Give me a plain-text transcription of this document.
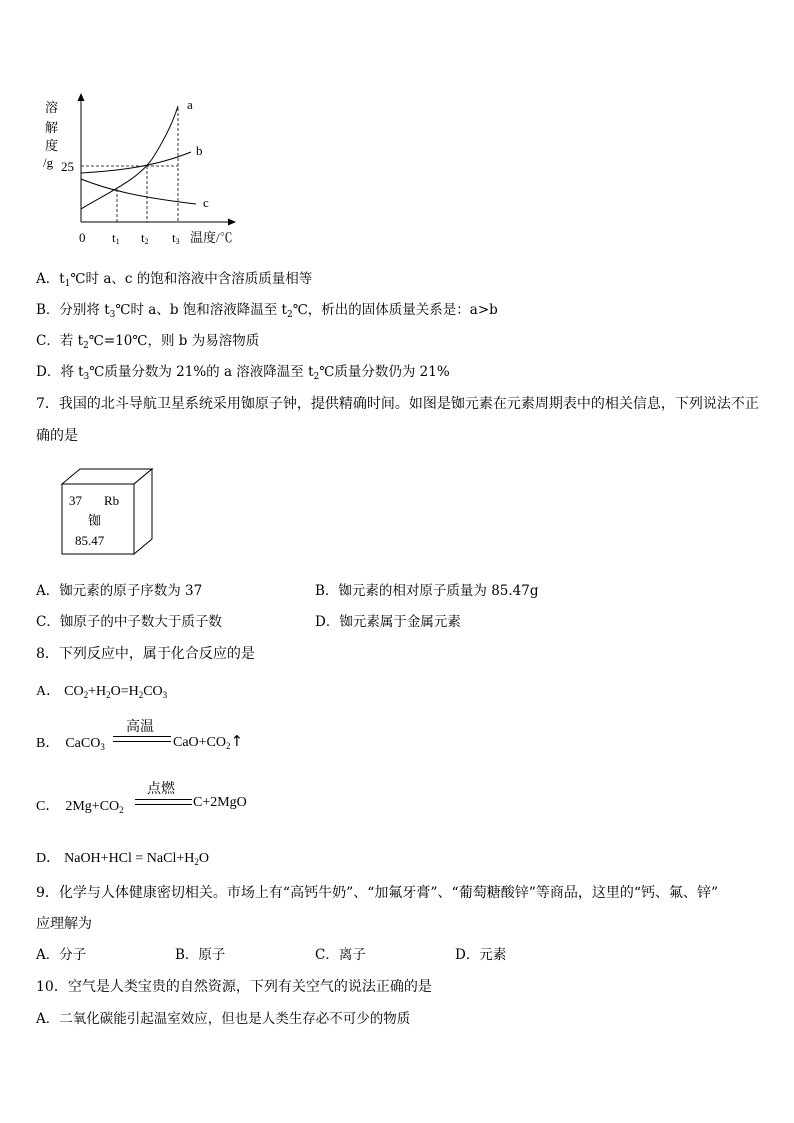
溶
解
度
/g 25
0 t1 t2 t3 温度/℃
a
b
c
A．$t_1℃$时 a、c 的饱和溶液中含溶质质量相等
B．分别将 $t_3℃$时 a、b 饱和溶液降温至 $t_2℃$，析出的固体质量关系是：a>b
C．若 $t_2℃=10℃$，则 b 为易溶物质
D．将 $t_3℃$质量分数为 21%的 a 溶液降温至 $t_2℃$质量分数仍为 21%
7．我国的北斗导航卫星系统采用铷原子钟，提供精确时间。如图是铷元素在元素周期表中的相关信息，下列说法不正
确的是
37 Rb
铷
85.47
A．铷元素的原子序数为 37	B．铷元素的相对原子质量为 85.47g
C．铷原子的中子数大于质子数	D．铷元素属于金属元素
8．下列反应中，属于化合反应的是
A． $CO_2+H_2O=H_2CO_3$
B． CaCO$_3$
高温
$CaO+CO_2↑$
C． $2Mg+CO_2$
点燃
C+2MgO
D． NaOH+HCl = $NaCl+H_2O$
9．化学与人体健康密切相关。市场上有“高钙牛奶”、“加氟牙膏”、“葡萄糖酸锌”等商品，这里的“钙、氟、锌”
应理解为
A．分子	B．原子	C．离子	D．元素
10．空气是人类宝贵的自然资源，下列有关空气的说法正确的是
A．二氧化碳能引起温室效应，但也是人类生存必不可少的物质
